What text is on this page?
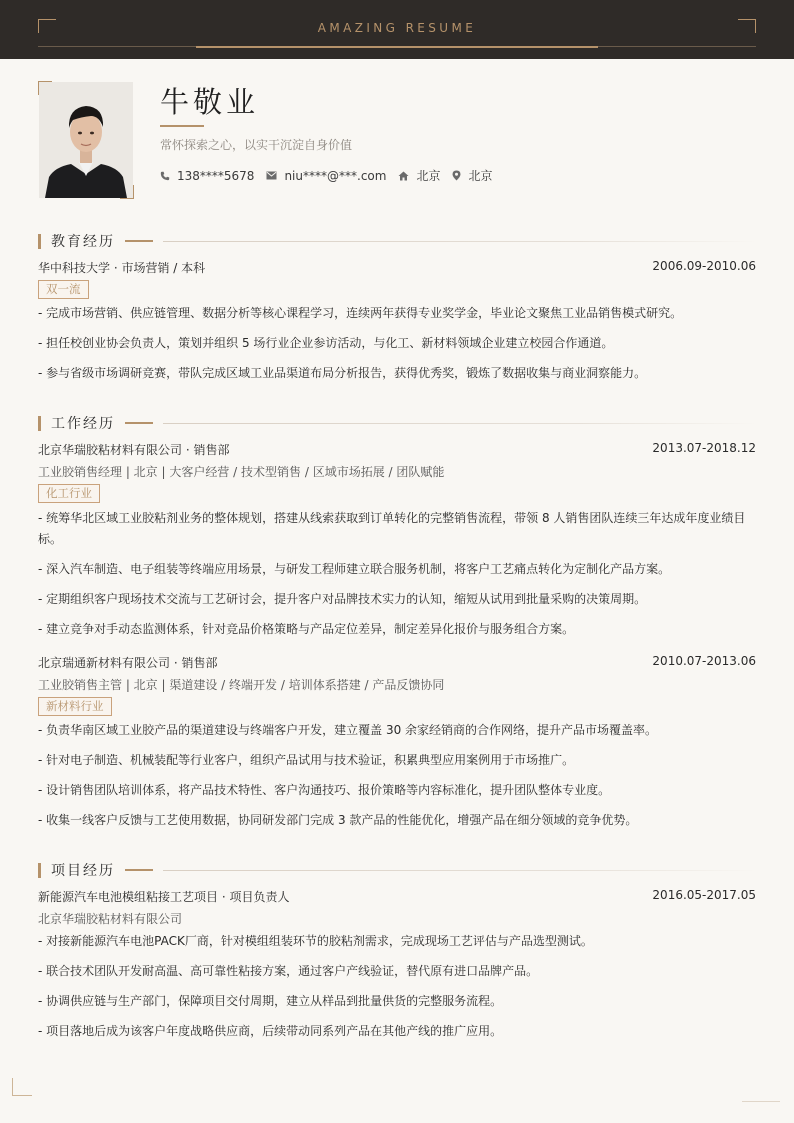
AMAZING RESUME
牛敬业
常怀探索之心，以实干沉淀自身价值
138****5678	niu****@***.com	北京 北京
教育经历
华中科技大学 · 市场营销 / 本科	2006.09-2010.06
双一流
- 完成市场营销、供应链管理、数据分析等核心课程学习，连续两年获得专业奖学金，毕业论文聚焦工业品销售模式研究。
- 担任校创业协会负责人，策划并组织 5 场行业企业参访活动，与化工、新材料领域企业建立校园合作通道。
- 参与省级市场调研竞赛，带队完成区域工业品渠道布局分析报告，获得优秀奖，锻炼了数据收集与商业洞察能力。
工作经历
北京华瑞胶粘材料有限公司 · 销售部	2013.07-2018.12
工业胶销售经理 | 北京 | 大客户经营 / 技术型销售 / 区域市场拓展 / 团队赋能
化工行业
- 统筹华北区域工业胶粘剂业务的整体规划，搭建从线索获取到订单转化的完整销售流程，带领 8 人销售团队连续三年达成年度业绩目标。
- 深入汽车制造、电子组装等终端应用场景，与研发工程师建立联合服务机制，将客户工艺痛点转化为定制化产品方案。
- 定期组织客户现场技术交流与工艺研讨会，提升客户对品牌技术实力的认知，缩短从试用到批量采购的决策周期。
- 建立竞争对手动态监测体系，针对竞品价格策略与产品定位差异，制定差异化报价与服务组合方案。
北京瑞通新材料有限公司 · 销售部	2010.07-2013.06
工业胶销售主管 | 北京 | 渠道建设 / 终端开发 / 培训体系搭建 / 产品反馈协同
新材料行业
- 负责华南区域工业胶产品的渠道建设与终端客户开发，建立覆盖 30 余家经销商的合作网络，提升产品市场覆盖率。
- 针对电子制造、机械装配等行业客户，组织产品试用与技术验证，积累典型应用案例用于市场推广。
- 设计销售团队培训体系，将产品技术特性、客户沟通技巧、报价策略等内容标准化，提升团队整体专业度。
- 收集一线客户反馈与工艺使用数据，协同研发部门完成 3 款产品的性能优化，增强产品在细分领域的竞争优势。
项目经历
新能源汽车电池模组粘接工艺项目 · 项目负责人	2016.05-2017.05
北京华瑞胶粘材料有限公司
- 对接新能源汽车电池PACK厂商，针对模组组装环节的胶粘剂需求，完成现场工艺评估与产品选型测试。
- 联合技术团队开发耐高温、高可靠性粘接方案，通过客户产线验证，替代原有进口品牌产品。
- 协调供应链与生产部门，保障项目交付周期，建立从样品到批量供货的完整服务流程。
- 项目落地后成为该客户年度战略供应商，后续带动同系列产品在其他产线的推广应用。
